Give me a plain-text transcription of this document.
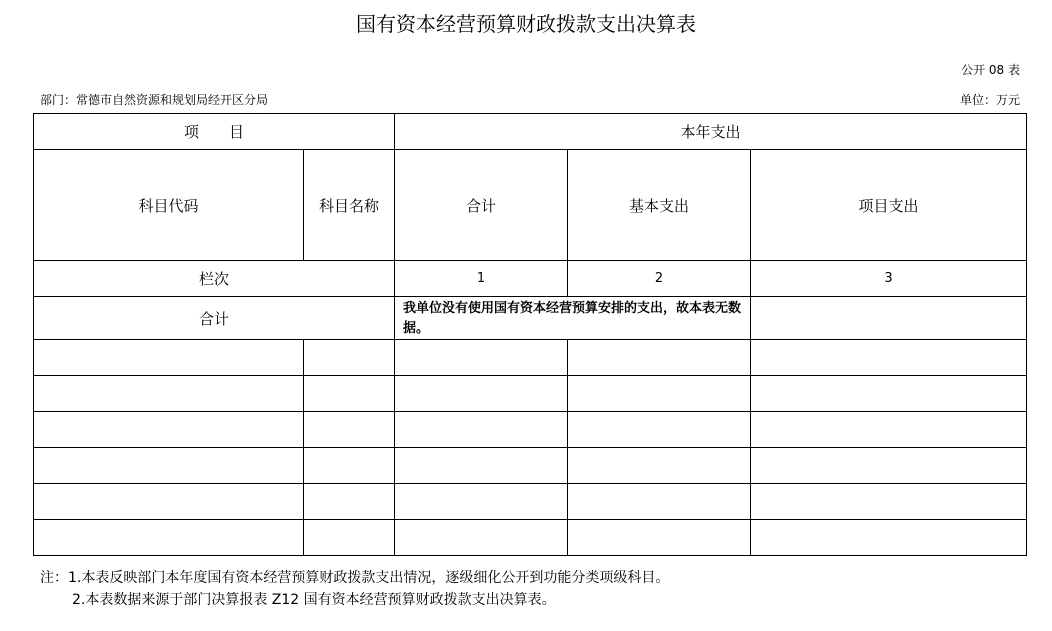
国有资本经营预算财政拨款支出决算表
公开 08 表
部门：常德市自然资源和规划局经开区分局	单位：万元
项　　目		本年支出		
科目代码	科目名称	合计	基本支出	项目支出
栏次		1	2	3
合计		我单位没有使用国有资本经营预算安排的支出，故本表无数据。		

注：1.本表反映部门本年度国有资本经营预算财政拨款支出情况，逐级细化公开到功能分类项级科目。
2.本表数据来源于部门决算报表 Z12 国有资本经营预算财政拨款支出决算表。
